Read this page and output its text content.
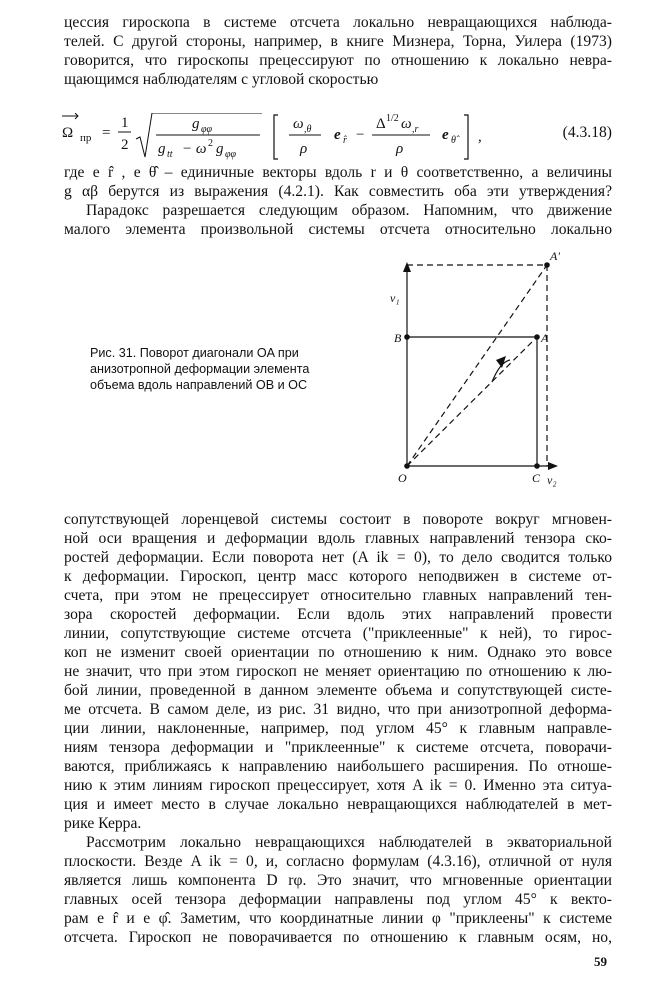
цессия гироскопа в системе отсчета локально невращающихся наблюда-
телей. С другой стороны, например, в книге Мизнера, Торна, Уилера (1973)
говорится, что гироскопы прецессируют по отношению к локально невра-
щающимся наблюдателям с угловой скоростью
Ω пр =
1
2
g φφ
g tt − ω 2 g φφ
ω ,θ
ρ
e r̂ −
Δ 1/2 ω ,r
ρ
e θ̂ ,	(4.3.18)
где e r̂ , e θ̂ – единичные векторы вдоль r и θ соответственно, а величины
g αβ берутся из выражения (4.2.1). Как совместить оба эти утверждения?
Парадокс разрешается следующим образом. Напомним, что движение
малого элемента произвольной системы отсчета относительно локально
Рис. 31. Поворот диагонали OA при
анизотропной деформации элемента
объема вдоль направлений OB и OC
A'
A
B
O	C
v₁
v₂
сопутствующей лоренцевой системы состоит в повороте вокруг мгновен-
ной оси вращения и деформации вдоль главных направлений тензора ско-
ростей деформации. Если поворота нет (A ik = 0), то дело сводится только
к деформации. Гироскоп, центр масс которого неподвижен в системе от-
счета, при этом не прецессирует относительно главных направлений тен-
зора скоростей деформации. Если вдоль этих направлений провести
линии, сопутствующие системе отсчета ("приклеенные" к ней), то гирос-
коп не изменит своей ориентации по отношению к ним. Однако это вовсе
не значит, что при этом гироскоп не меняет ориентацию по отношению к лю-
бой линии, проведенной в данном элементе объема и сопутствующей систе-
ме отсчета. В самом деле, из рис. 31 видно, что при анизотропной деформа-
ции линии, наклоненные, например, под углом 45° к главным направле-
ниям тензора деформации и "приклеенные" к системе отсчета, поворачи-
ваются, приближаясь к направлению наибольшего расширения. По отноше-
нию к этим линиям гироскоп прецессирует, хотя A ik = 0. Именно эта ситуа-
ция и имеет место в случае локально невращающихся наблюдателей в мет-
рике Керра.
Рассмотрим локально невращающихся наблюдателей в экваториальной
плоскости. Везде A ik = 0, и, согласно формулам (4.3.16), отличной от нуля
является лишь компонента D rφ. Это значит, что мгновенные ориентации
главных осей тензора деформации направлены под углом 45° к векто-
рам e r̂ и e φ̂. Заметим, что координатные линии φ "приклеены" к системе
отсчета. Гироскоп не поворачивается по отношению к главным осям, но,
59
